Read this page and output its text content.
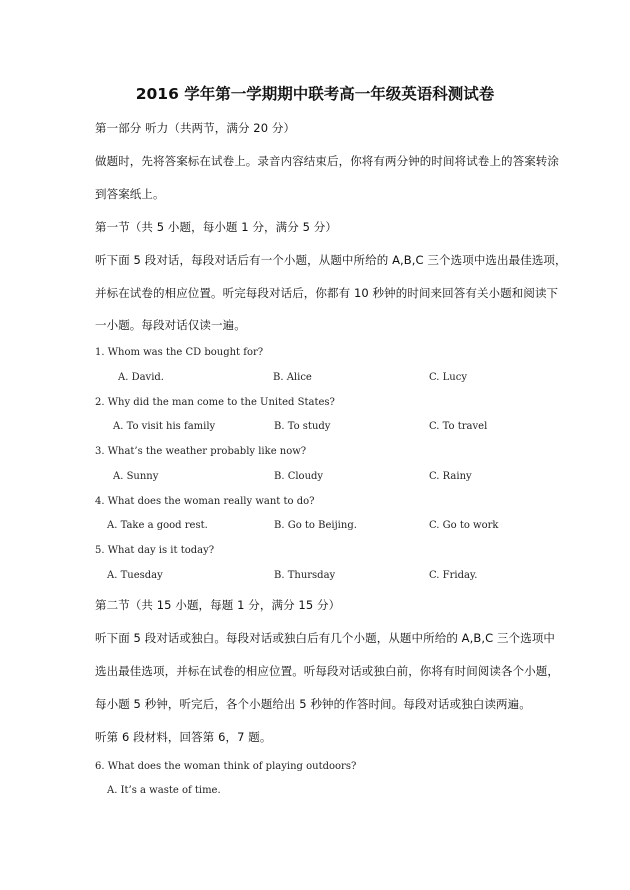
2016 学年第一学期期中联考高一年级英语科测试卷
第一部分 听力（共两节，满分 20 分）
做题时，先将答案标在试卷上。录音内容结束后，你将有两分钟的时间将试卷上的答案转涂
到答案纸上。
第一节（共 5 小题，每小题 1 分，满分 5 分）
听下面 5 段对话，每段对话后有一个小题，从题中所给的 A,B,C 三个选项中选出最佳选项，
并标在试卷的相应位置。听完每段对话后，你都有 10 秒钟的时间来回答有关小题和阅读下
一小题。每段对话仅读一遍。
1. Whom was the CD bought for?
A. David.	B. Alice	C. Lucy
2. Why did the man come to the United States?
A. To visit his family	B. To study	C. To travel
3. What’s the weather probably like now?
A. Sunny	B. Cloudy	C. Rainy
4. What does the woman really want to do?
A. Take a good rest.	B. Go to Beijing.	C. Go to work
5. What day is it today?
A. Tuesday	B. Thursday	C. Friday.
第二节（共 15 小题，每题 1 分，满分 15 分）
听下面 5 段对话或独白。每段对话或独白后有几个小题，从题中所给的 A,B,C 三个选项中
选出最佳选项，并标在试卷的相应位置。听每段对话或独白前，你将有时间阅读各个小题，
每小题 5 秒钟，听完后，各个小题给出 5 秒钟的作答时间。每段对话或独白读两遍。
听第 6 段材料，回答第 6，7 题。
6. What does the woman think of playing outdoors?
A. It’s a waste of time.
